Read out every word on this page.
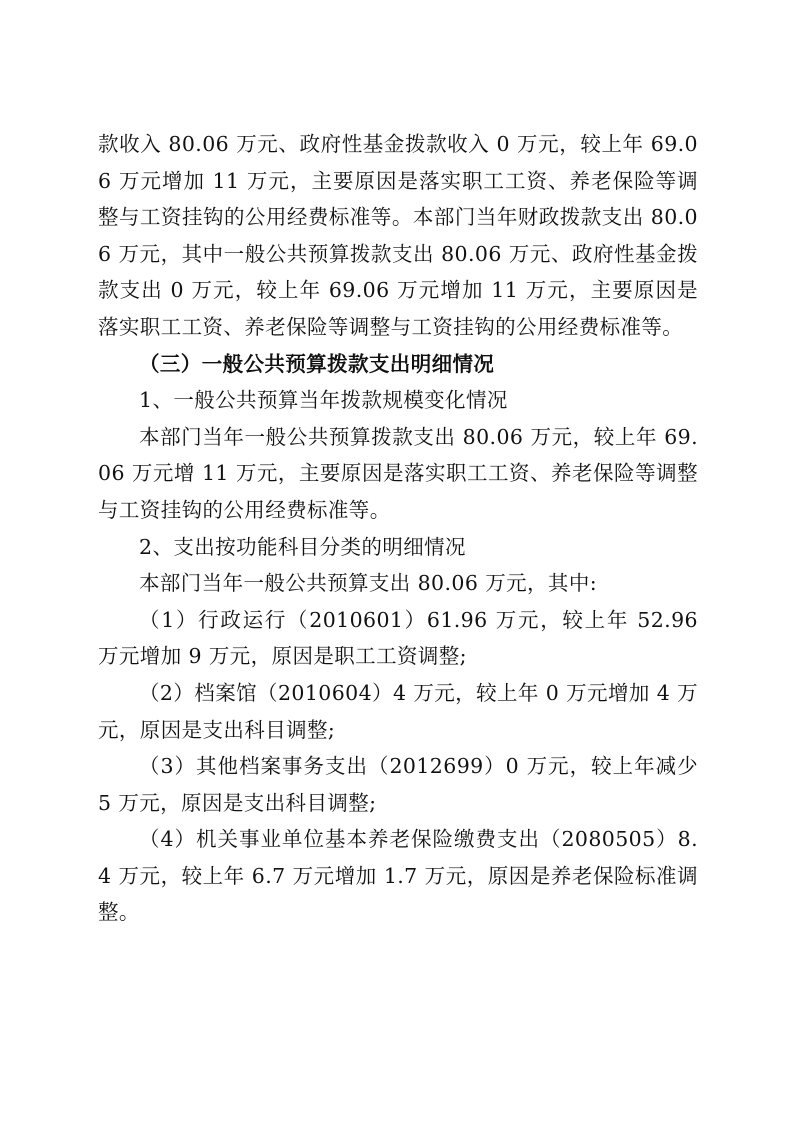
款收入 80.06 万元、政府性基金拨款收入 0 万元，较上年 69.06 万元增加 11 万元，主要原因是落实职工工资、养老保险等调整与工资挂钩的公用经费标准等。本部门当年财政拨款支出 80.06 万元，其中一般公共预算拨款支出 80.06 万元、政府性基金拨款支出 0 万元，较上年 69.06 万元增加 11 万元，主要原因是落实职工工资、养老保险等调整与工资挂钩的公用经费标准等。

（三）一般公共预算拨款支出明细情况

1、一般公共预算当年拨款规模变化情况

本部门当年一般公共预算拨款支出 80.06 万元，较上年 69.06 万元增 11 万元，主要原因是落实职工工资、养老保险等调整与工资挂钩的公用经费标准等。

2、支出按功能科目分类的明细情况

本部门当年一般公共预算支出 80.06 万元，其中:

（1）行政运行（2010601）61.96 万元，较上年 52.96 万元增加 9 万元，原因是职工工资调整;

（2）档案馆（2010604）4 万元，较上年 0 万元增加 4 万元，原因是支出科目调整;

（3）其他档案事务支出（2012699）0 万元，较上年减少 5 万元，原因是支出科目调整;

（4）机关事业单位基本养老保险缴费支出（2080505）8.4 万元，较上年 6.7 万元增加 1.7 万元，原因是养老保险标准调整。
